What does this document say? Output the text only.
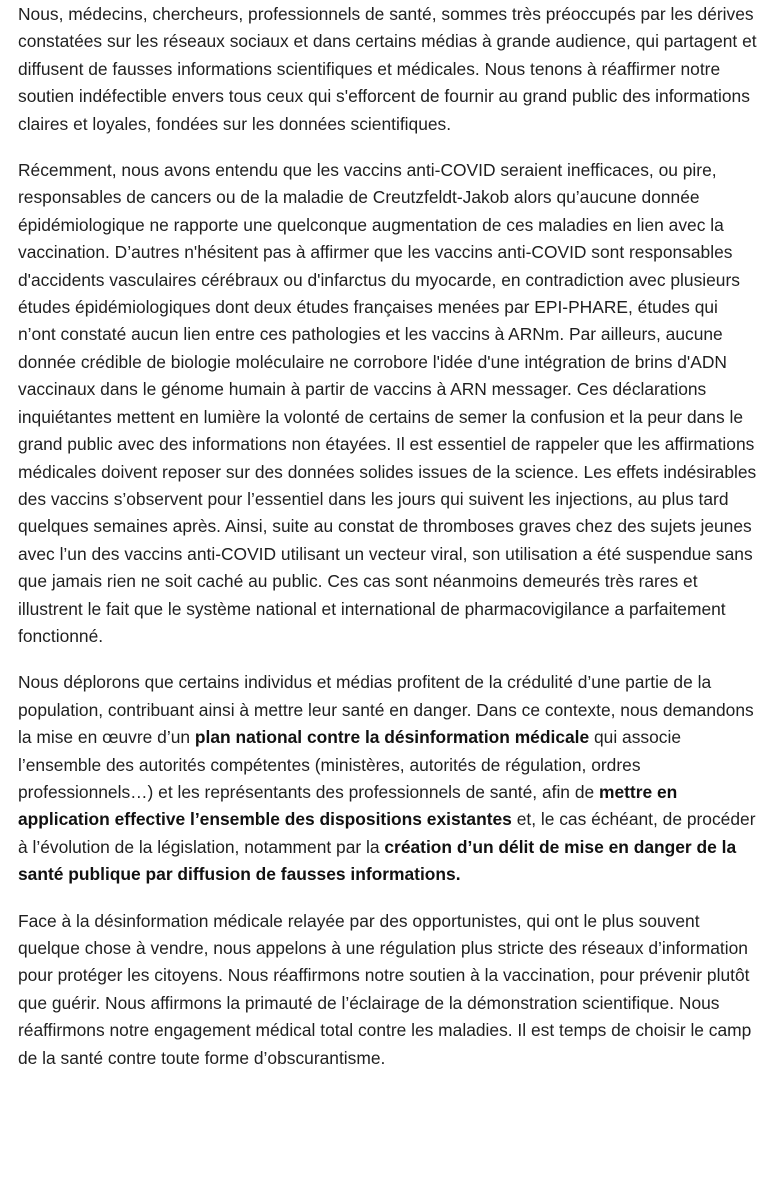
Nous, médecins, chercheurs, professionnels de santé, sommes très préoccupés par les dérives constatées sur les réseaux sociaux et dans certains médias à grande audience, qui partagent et diffusent de fausses informations scientifiques et médicales. Nous tenons à réaffirmer notre soutien indéfectible envers tous ceux qui s'efforcent de fournir au grand public des informations claires et loyales, fondées sur les données scientifiques.

Récemment, nous avons entendu que les vaccins anti-COVID seraient inefficaces, ou pire, responsables de cancers ou de la maladie de Creutzfeldt-Jakob alors qu’aucune donnée épidémiologique ne rapporte une quelconque augmentation de ces maladies en lien avec la vaccination. D’autres n'hésitent pas à affirmer que les vaccins anti-COVID sont responsables d'accidents vasculaires cérébraux ou d'infarctus du myocarde, en contradiction avec plusieurs études épidémiologiques dont deux études françaises menées par EPI-PHARE, études qui n’ont constaté aucun lien entre ces pathologies et les vaccins à ARNm. Par ailleurs, aucune donnée crédible de biologie moléculaire ne corrobore l'idée d'une intégration de brins d'ADN vaccinaux dans le génome humain à partir de vaccins à ARN messager. Ces déclarations inquiétantes mettent en lumière la volonté de certains de semer la confusion et la peur dans le grand public avec des informations non étayées. Il est essentiel de rappeler que les affirmations médicales doivent reposer sur des données solides issues de la science. Les effets indésirables des vaccins s’observent pour l’essentiel dans les jours qui suivent les injections, au plus tard quelques semaines après. Ainsi, suite au constat de thromboses graves chez des sujets jeunes avec l’un des vaccins anti-COVID utilisant un vecteur viral, son utilisation a été suspendue sans que jamais rien ne soit caché au public. Ces cas sont néanmoins demeurés très rares et illustrent le fait que le système national et international de pharmacovigilance a parfaitement fonctionné.

Nous déplorons que certains individus et médias profitent de la crédulité d’une partie de la population, contribuant ainsi à mettre leur santé en danger. Dans ce contexte, nous demandons la mise en œuvre d’un plan national contre la désinformation médicale qui associe l’ensemble des autorités compétentes (ministères, autorités de régulation, ordres professionnels…) et les représentants des professionnels de santé, afin de mettre en application effective l’ensemble des dispositions existantes et, le cas échéant, de procéder à l’évolution de la législation, notamment par la création d’un délit de mise en danger de la santé publique par diffusion de fausses informations.

Face à la désinformation médicale relayée par des opportunistes, qui ont le plus souvent quelque chose à vendre, nous appelons à une régulation plus stricte des réseaux d’information pour protéger les citoyens. Nous réaffirmons notre soutien à la vaccination, pour prévenir plutôt que guérir. Nous affirmons la primauté de l’éclairage de la démonstration scientifique. Nous réaffirmons notre engagement médical total contre les maladies. Il est temps de choisir le camp de la santé contre toute forme d’obscurantisme.
